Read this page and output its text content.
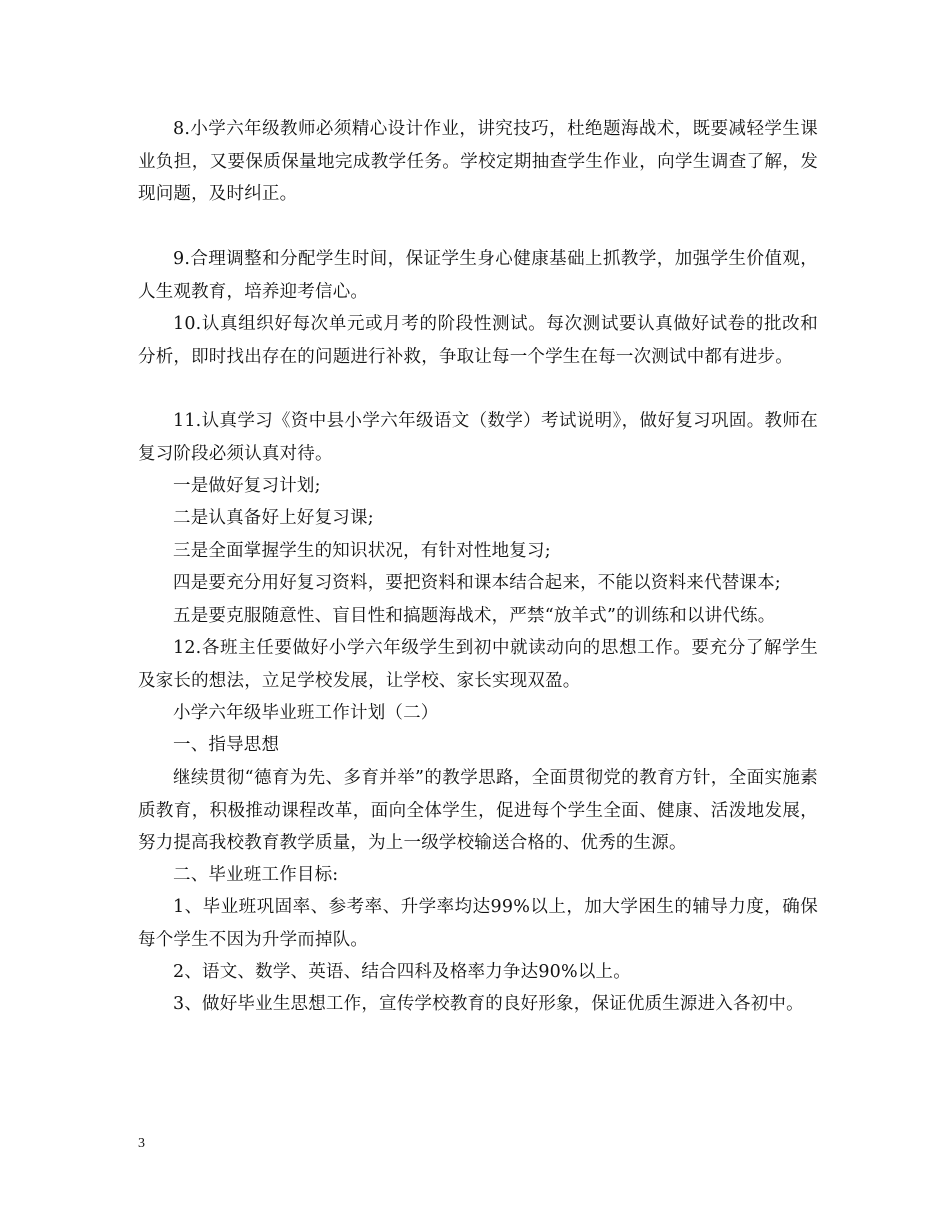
8.小学六年级教师必须精心设计作业，讲究技巧，杜绝题海战术，既要减轻学生课业负担，又要保质保量地完成教学任务。学校定期抽查学生作业，向学生调查了解，发现问题，及时纠正。

9.合理调整和分配学生时间，保证学生身心健康基础上抓教学，加强学生价值观，人生观教育，培养迎考信心。

10.认真组织好每次单元或月考的阶段性测试。每次测试要认真做好试卷的批改和分析，即时找出存在的问题进行补救，争取让每一个学生在每一次测试中都有进步。

11.认真学习《资中县小学六年级语文（数学）考试说明》，做好复习巩固。教师在复习阶段必须认真对待。

一是做好复习计划;

二是认真备好上好复习课;

三是全面掌握学生的知识状况，有针对性地复习;

四是要充分用好复习资料，要把资料和课本结合起来，不能以资料来代替课本;

五是要克服随意性、盲目性和搞题海战术，严禁“放羊式”的训练和以讲代练。

12.各班主任要做好小学六年级学生到初中就读动向的思想工作。要充分了解学生及家长的想法，立足学校发展，让学校、家长实现双盈。

小学六年级毕业班工作计划（二）

一、指导思想

继续贯彻“德育为先、多育并举”的教学思路，全面贯彻党的教育方针，全面实施素质教育，积极推动课程改革，面向全体学生，促进每个学生全面、健康、活泼地发展，努力提高我校教育教学质量，为上一级学校输送合格的、优秀的生源。

二、毕业班工作目标:

1、毕业班巩固率、参考率、升学率均达99%以上，加大学困生的辅导力度，确保每个学生不因为升学而掉队。

2、语文、数学、英语、结合四科及格率力争达90%以上。

3、做好毕业生思想工作，宣传学校教育的良好形象，保证优质生源进入各初中。

3
